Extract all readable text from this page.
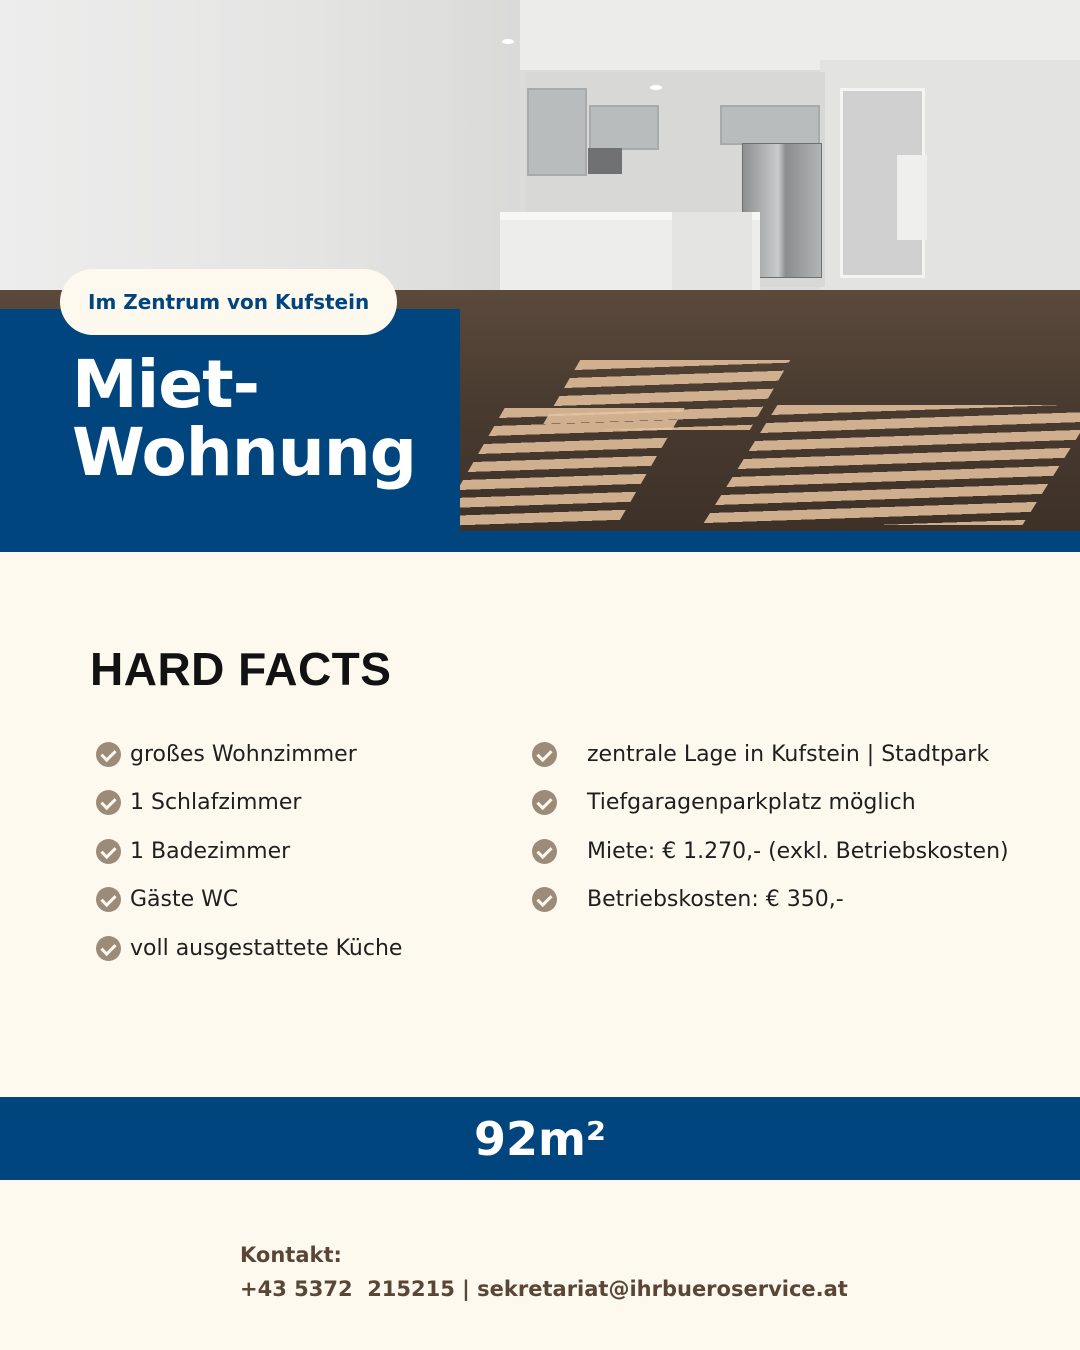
Im Zentrum von Kufstein
Miet-
Wohnung
HARD FACTS
großes Wohnzimmer
1 Schlafzimmer
1 Badezimmer
Gäste WC
voll ausgestattete Küche
zentrale Lage in Kufstein | Stadtpark
Tiefgaragenparkplatz möglich
Miete: € 1.270,- (exkl. Betriebskosten)
Betriebskosten: € 350,-
92m²
Kontakt:
+43 5372  215215 | sekretariat@ihrbueroservice.at
